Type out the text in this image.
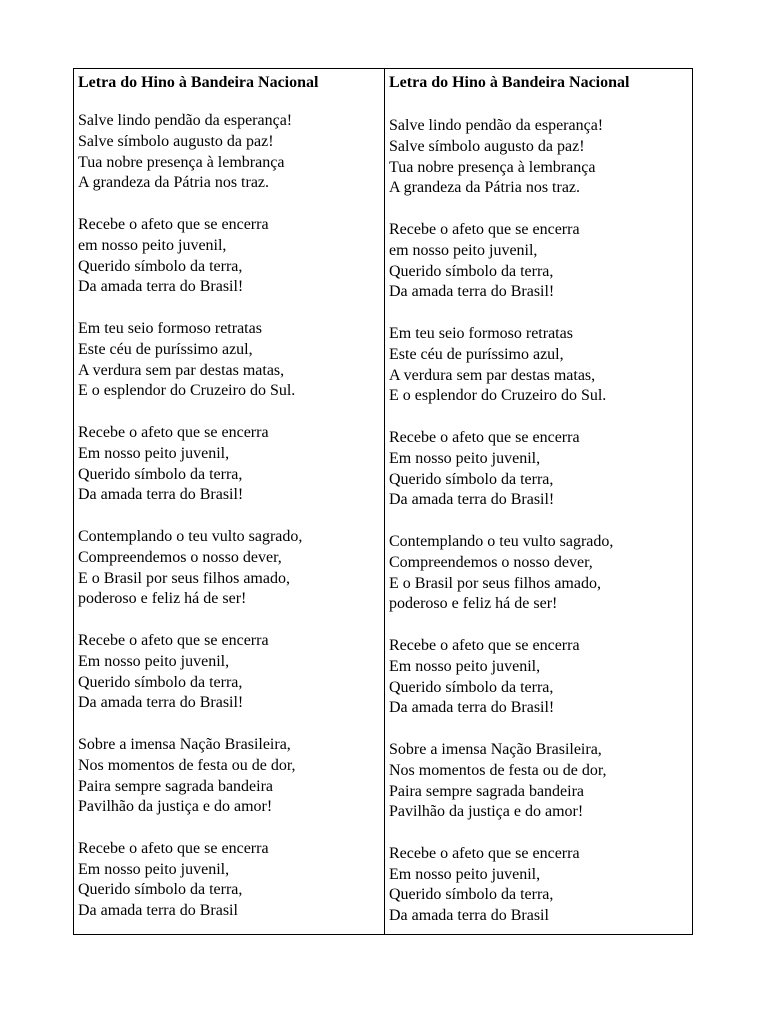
Letra do Hino à Bandeira Nacional
Salve lindo pendão da esperança!
Salve símbolo augusto da paz!
Tua nobre presença à lembrança
A grandeza da Pátria nos traz.
Recebe o afeto que se encerra
em nosso peito juvenil,
Querido símbolo da terra,
Da amada terra do Brasil!
Em teu seio formoso retratas
Este céu de puríssimo azul,
A verdura sem par destas matas,
E o esplendor do Cruzeiro do Sul.
Recebe o afeto que se encerra
Em nosso peito juvenil,
Querido símbolo da terra,
Da amada terra do Brasil!
Contemplando o teu vulto sagrado,
Compreendemos o nosso dever,
E o Brasil por seus filhos amado,
poderoso e feliz há de ser!
Recebe o afeto que se encerra
Em nosso peito juvenil,
Querido símbolo da terra,
Da amada terra do Brasil!
Sobre a imensa Nação Brasileira,
Nos momentos de festa ou de dor,
Paira sempre sagrada bandeira
Pavilhão da justiça e do amor!
Recebe o afeto que se encerra
Em nosso peito juvenil,
Querido símbolo da terra,
Da amada terra do Brasil
Letra do Hino à Bandeira Nacional
Salve lindo pendão da esperança!
Salve símbolo augusto da paz!
Tua nobre presença à lembrança
A grandeza da Pátria nos traz.
Recebe o afeto que se encerra
em nosso peito juvenil,
Querido símbolo da terra,
Da amada terra do Brasil!
Em teu seio formoso retratas
Este céu de puríssimo azul,
A verdura sem par destas matas,
E o esplendor do Cruzeiro do Sul.
Recebe o afeto que se encerra
Em nosso peito juvenil,
Querido símbolo da terra,
Da amada terra do Brasil!
Contemplando o teu vulto sagrado,
Compreendemos o nosso dever,
E o Brasil por seus filhos amado,
poderoso e feliz há de ser!
Recebe o afeto que se encerra
Em nosso peito juvenil,
Querido símbolo da terra,
Da amada terra do Brasil!
Sobre a imensa Nação Brasileira,
Nos momentos de festa ou de dor,
Paira sempre sagrada bandeira
Pavilhão da justiça e do amor!
Recebe o afeto que se encerra
Em nosso peito juvenil,
Querido símbolo da terra,
Da amada terra do Brasil
